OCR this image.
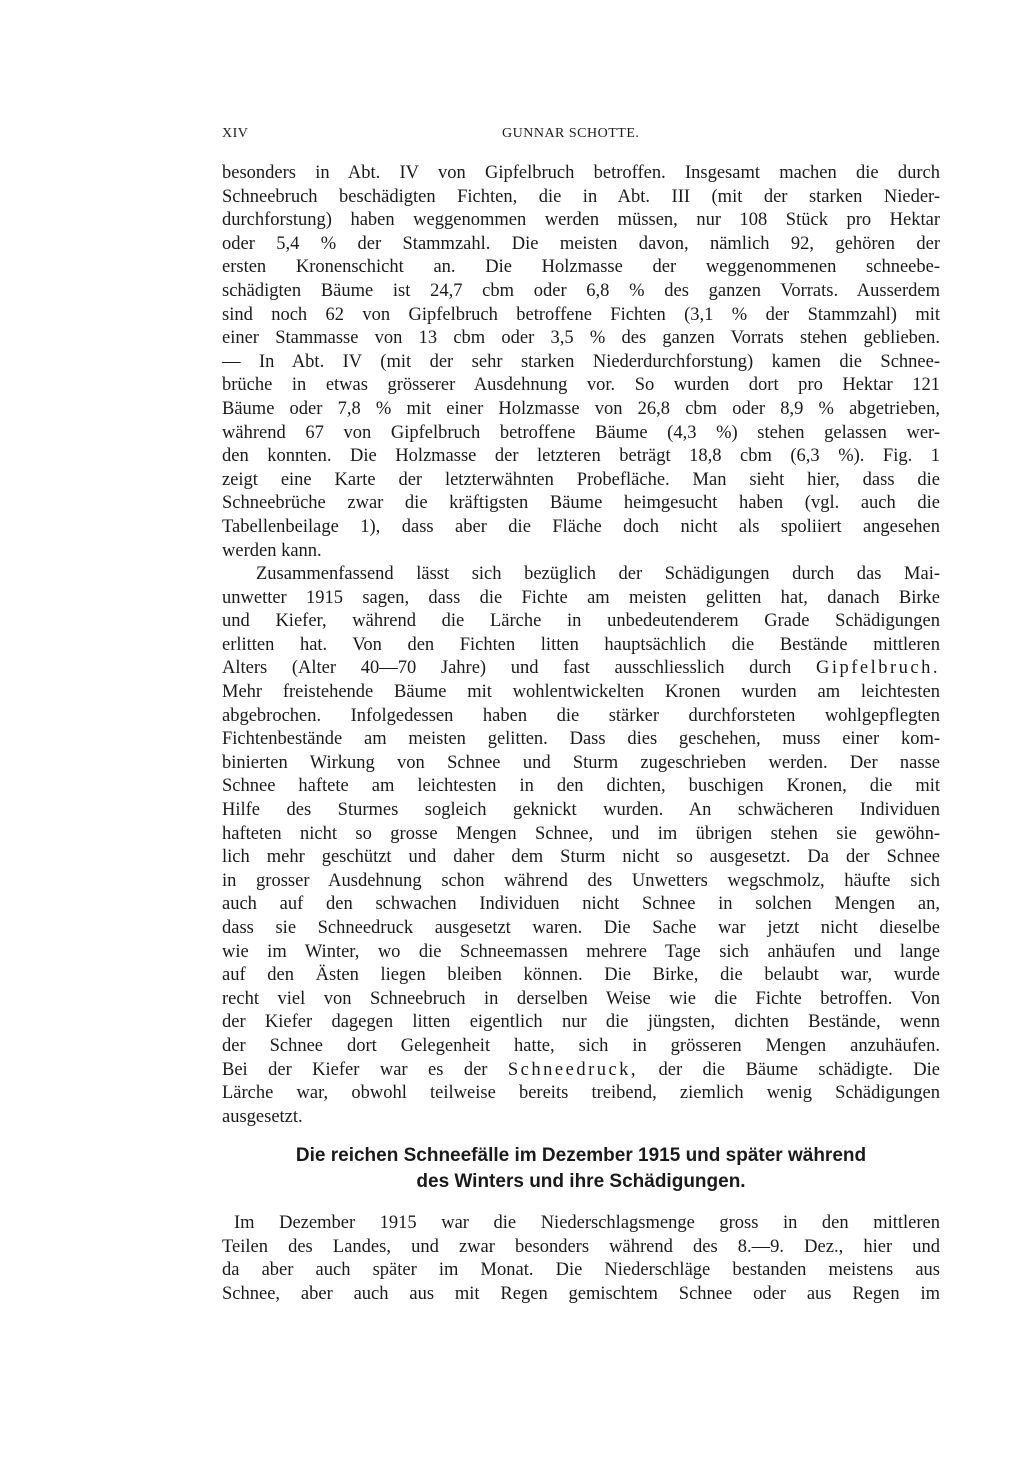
XIV	GUNNAR SCHOTTE.

besonders in Abt. IV von Gipfelbruch betroffen. Insgesamt machen die durch
Schneebruch beschädigten Fichten, die in Abt. III (mit der starken Nieder-
durchforstung) haben weggenommen werden müssen, nur 108 Stück pro Hektar
oder 5,4 % der Stammzahl. Die meisten davon, nämlich 92, gehören der
ersten Kronenschicht an. Die Holzmasse der weggenommenen schneebe-
schädigten Bäume ist 24,7 cbm oder 6,8 % des ganzen Vorrats. Ausserdem
sind noch 62 von Gipfelbruch betroffene Fichten (3,1 % der Stammzahl) mit
einer Stammasse von 13 cbm oder 3,5 % des ganzen Vorrats stehen geblieben.
— In Abt. IV (mit der sehr starken Niederdurchforstung) kamen die Schnee-
brüche in etwas grösserer Ausdehnung vor. So wurden dort pro Hektar 121
Bäume oder 7,8 % mit einer Holzmasse von 26,8 cbm oder 8,9 % abgetrieben,
während 67 von Gipfelbruch betroffene Bäume (4,3 %) stehen gelassen wer-
den konnten. Die Holzmasse der letzteren beträgt 18,8 cbm (6,3 %). Fig. 1
zeigt eine Karte der letzterwähnten Probefläche. Man sieht hier, dass die
Schneebrüche zwar die kräftigsten Bäume heimgesucht haben (vgl. auch die
Tabellenbeilage 1), dass aber die Fläche doch nicht als spoliiert angesehen
werden kann.

Zusammenfassend lässt sich bezüglich der Schädigungen durch das Mai-
unwetter 1915 sagen, dass die Fichte am meisten gelitten hat, danach Birke
und Kiefer, während die Lärche in unbedeutenderem Grade Schädigungen
erlitten hat. Von den Fichten litten hauptsächlich die Bestände mittleren
Alters (Alter 40—70 Jahre) und fast ausschliesslich durch Gipfelbruch.
Mehr freistehende Bäume mit wohlentwickelten Kronen wurden am leichtesten
abgebrochen. Infolgedessen haben die stärker durchforsteten wohlgepflegten
Fichtenbestände am meisten gelitten. Dass dies geschehen, muss einer kom-
binierten Wirkung von Schnee und Sturm zugeschrieben werden. Der nasse
Schnee haftete am leichtesten in den dichten, buschigen Kronen, die mit
Hilfe des Sturmes sogleich geknickt wurden. An schwächeren Individuen
hafteten nicht so grosse Mengen Schnee, und im übrigen stehen sie gewöhn-
lich mehr geschützt und daher dem Sturm nicht so ausgesetzt. Da der Schnee
in grosser Ausdehnung schon während des Unwetters wegschmolz, häufte sich
auch auf den schwachen Individuen nicht Schnee in solchen Mengen an,
dass sie Schneedruck ausgesetzt waren. Die Sache war jetzt nicht dieselbe
wie im Winter, wo die Schneemassen mehrere Tage sich anhäufen und lange
auf den Ästen liegen bleiben können. Die Birke, die belaubt war, wurde
recht viel von Schneebruch in derselben Weise wie die Fichte betroffen. Von
der Kiefer dagegen litten eigentlich nur die jüngsten, dichten Bestände, wenn
der Schnee dort Gelegenheit hatte, sich in grösseren Mengen anzuhäufen.
Bei der Kiefer war es der Schneedruck, der die Bäume schädigte. Die
Lärche war, obwohl teilweise bereits treibend, ziemlich wenig Schädigungen
ausgesetzt.

Die reichen Schneefälle im Dezember 1915 und später während
des Winters und ihre Schädigungen.
Im Dezember 1915 war die Niederschlagsmenge gross in den mittleren
Teilen des Landes, und zwar besonders während des 8.—9. Dez., hier und
da aber auch später im Monat. Die Niederschläge bestanden meistens aus
Schnee, aber auch aus mit Regen gemischtem Schnee oder aus Regen im
